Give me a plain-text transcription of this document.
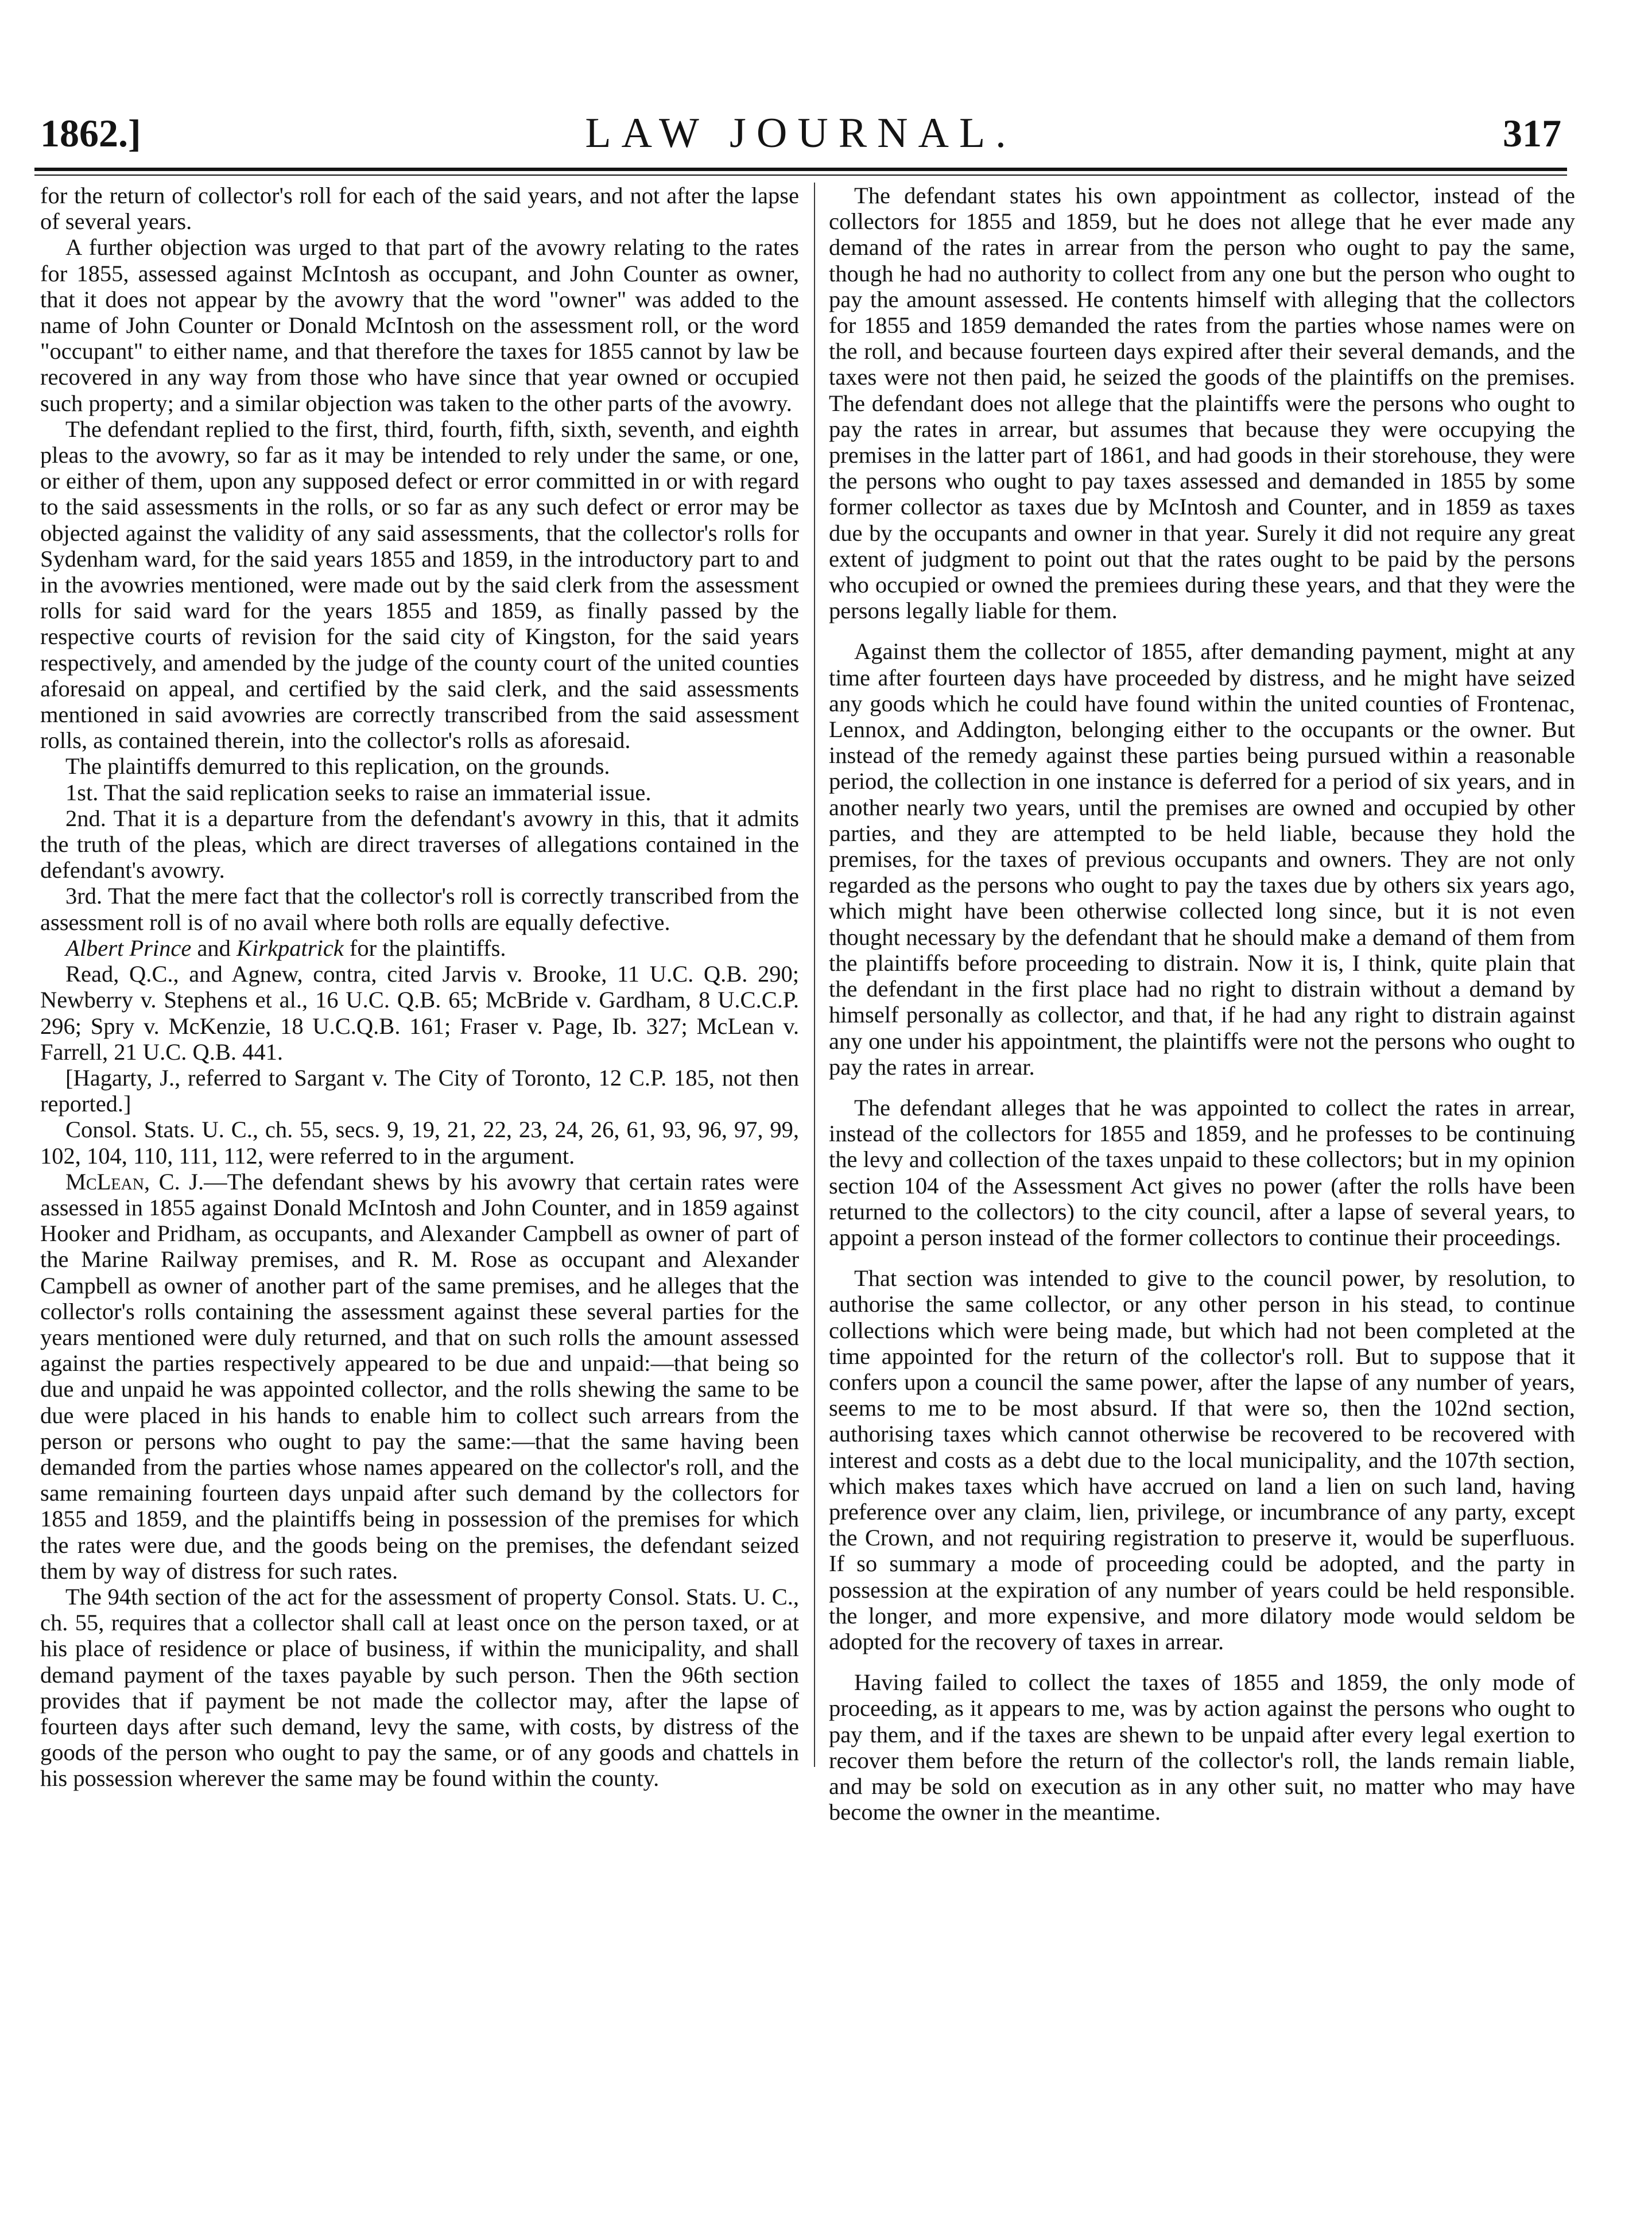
1862.]	LAW JOURNAL.	317

for the return of collector's roll for each of the said years, and not after the lapse of several years.

A further objection was urged to that part of the avowry relating to the rates for 1855, assessed against McIntosh as occupant, and John Counter as owner, that it does not appear by the avowry that the word "owner" was added to the name of John Counter or Donald McIntosh on the assessment roll, or the word "occupant" to either name, and that therefore the taxes for 1855 cannot by law be recovered in any way from those who have since that year owned or occupied such property; and a similar objection was taken to the other parts of the avowry.

The defendant replied to the first, third, fourth, fifth, sixth, seventh, and eighth pleas to the avowry, so far as it may be intended to rely under the same, or one, or either of them, upon any supposed defect or error committed in or with regard to the said assessments in the rolls, or so far as any such defect or error may be objected against the validity of any said assessments, that the collector's rolls for Sydenham ward, for the said years 1855 and 1859, in the introductory part to and in the avowries mentioned, were made out by the said clerk from the assessment rolls for said ward for the years 1855 and 1859, as finally passed by the respective courts of revision for the said city of Kingston, for the said years respectively, and amended by the judge of the county court of the united counties aforesaid on appeal, and certified by the said clerk, and the said assessments mentioned in said avowries are correctly transcribed from the said assessment rolls, as contained therein, into the collector's rolls as aforesaid.

The plaintiffs demurred to this replication, on the grounds.

1st. That the said replication seeks to raise an immaterial issue.

2nd. That it is a departure from the defendant's avowry in this, that it admits the truth of the pleas, which are direct traverses of allegations contained in the defendant's avowry.

3rd. That the mere fact that the collector's roll is correctly transcribed from the assessment roll is of no avail where both rolls are equally defective.

Albert Prince and Kirkpatrick for the plaintiffs.

Read, Q.C., and Agnew, contra, cited Jarvis v. Brooke, 11 U.C. Q.B. 290; Newberry v. Stephens et al., 16 U.C. Q.B. 65; McBride v. Gardham, 8 U.C.C.P. 296; Spry v. McKenzie, 18 U.C.Q.B. 161; Fraser v. Page, Ib. 327; McLean v. Farrell, 21 U.C. Q.B. 441.

[Hagarty, J., referred to Sargant v. The City of Toronto, 12 C.P. 185, not then reported.]

Consol. Stats. U. C., ch. 55, secs. 9, 19, 21, 22, 23, 24, 26, 61, 93, 96, 97, 99, 102, 104, 110, 111, 112, were referred to in the argument.

McLean, C. J.—The defendant shews by his avowry that certain rates were assessed in 1855 against Donald McIntosh and John Counter, and in 1859 against Hooker and Pridham, as occupants, and Alexander Campbell as owner of part of the Marine Railway premises, and R. M. Rose as occupant and Alexander Campbell as owner of another part of the same premises, and he alleges that the collector's rolls containing the assessment against these several parties for the years mentioned were duly returned, and that on such rolls the amount assessed against the parties respectively appeared to be due and unpaid:—that being so due and unpaid he was appointed collector, and the rolls shewing the same to be due were placed in his hands to enable him to collect such arrears from the person or persons who ought to pay the same:—that the same having been demanded from the parties whose names appeared on the collector's roll, and the same remaining fourteen days unpaid after such demand by the collectors for 1855 and 1859, and the plaintiffs being in possession of the premises for which the rates were due, and the goods being on the premises, the defendant seized them by way of distress for such rates.

The 94th section of the act for the assessment of property Consol. Stats. U. C., ch. 55, requires that a collector shall call at least once on the person taxed, or at his place of residence or place of business, if within the municipality, and shall demand payment of the taxes payable by such person. Then the 96th section provides that if payment be not made the collector may, after the lapse of fourteen days after such demand, levy the same, with costs, by distress of the goods of the person who ought to pay the same, or of any goods and chattels in his possession wherever the same may be found within the county.

The defendant states his own appointment as collector, instead of the collectors for 1855 and 1859, but he does not allege that he ever made any demand of the rates in arrear from the person who ought to pay the same, though he had no authority to collect from any one but the person who ought to pay the amount assessed. He contents himself with alleging that the collectors for 1855 and 1859 demanded the rates from the parties whose names were on the roll, and because fourteen days expired after their several demands, and the taxes were not then paid, he seized the goods of the plaintiffs on the premises. The defendant does not allege that the plaintiffs were the persons who ought to pay the rates in arrear, but assumes that because they were occupying the premises in the latter part of 1861, and had goods in their storehouse, they were the persons who ought to pay taxes assessed and demanded in 1855 by some former collector as taxes due by McIntosh and Counter, and in 1859 as taxes due by the occupants and owner in that year. Surely it did not require any great extent of judgment to point out that the rates ought to be paid by the persons who occupied or owned the premiees during these years, and that they were the persons legally liable for them.

Against them the collector of 1855, after demanding payment, might at any time after fourteen days have proceeded by distress, and he might have seized any goods which he could have found within the united counties of Frontenac, Lennox, and Addington, belonging either to the occupants or the owner. But instead of the remedy against these parties being pursued within a reasonable period, the collection in one instance is deferred for a period of six years, and in another nearly two years, until the premises are owned and occupied by other parties, and they are attempted to be held liable, because they hold the premises, for the taxes of previous occupants and owners. They are not only regarded as the persons who ought to pay the taxes due by others six years ago, which might have been otherwise collected long since, but it is not even thought necessary by the defendant that he should make a demand of them from the plaintiffs before proceeding to distrain. Now it is, I think, quite plain that the defendant in the first place had no right to distrain without a demand by himself personally as collector, and that, if he had any right to distrain against any one under his appointment, the plaintiffs were not the persons who ought to pay the rates in arrear.

The defendant alleges that he was appointed to collect the rates in arrear, instead of the collectors for 1855 and 1859, and he professes to be continuing the levy and collection of the taxes unpaid to these collectors; but in my opinion section 104 of the Assessment Act gives no power (after the rolls have been returned to the collectors) to the city council, after a lapse of several years, to appoint a person instead of the former collectors to continue their proceedings.

That section was intended to give to the council power, by resolution, to authorise the same collector, or any other person in his stead, to continue collections which were being made, but which had not been completed at the time appointed for the return of the collector's roll. But to suppose that it confers upon a council the same power, after the lapse of any number of years, seems to me to be most absurd. If that were so, then the 102nd section, authorising taxes which cannot otherwise be recovered to be recovered with interest and costs as a debt due to the local municipality, and the 107th section, which makes taxes which have accrued on land a lien on such land, having preference over any claim, lien, privilege, or incumbrance of any party, except the Crown, and not requiring registration to preserve it, would be superfluous. If so summary a mode of proceeding could be adopted, and the party in possession at the expiration of any number of years could be held responsible. the longer, and more expensive, and more dilatory mode would seldom be adopted for the recovery of taxes in arrear.

Having failed to collect the taxes of 1855 and 1859, the only mode of proceeding, as it appears to me, was by action against the persons who ought to pay them, and if the taxes are shewn to be unpaid after every legal exertion to recover them before the return of the collector's roll, the lands remain liable, and may be sold on execution as in any other suit, no matter who may have become the owner in the meantime.
